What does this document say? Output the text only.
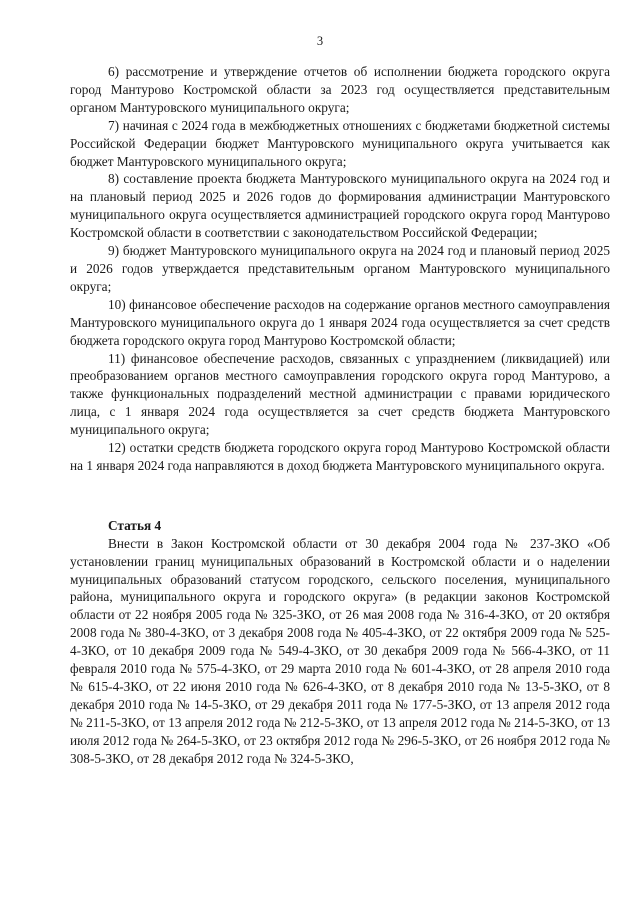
3

6) рассмотрение и утверждение отчетов об исполнении бюджета городского округа город Мантурово Костромской области за 2023 год осуществляется представительным органом Мантуровского муниципального округа;

7) начиная с 2024 года в межбюджетных отношениях с бюджетами бюджетной системы Российской Федерации бюджет Мантуровского муниципального округа учитывается как бюджет Мантуровского муниципального округа;

8) составление проекта бюджета Мантуровского муниципального округа на 2024 год и на плановый период 2025 и 2026 годов до формирования администрации Мантуровского муниципального округа осуществляется администрацией городского округа город Мантурово Костромской области в соответствии с законодательством Российской Федерации;

9) бюджет Мантуровского муниципального округа на 2024 год и плановый период 2025 и 2026 годов утверждается представительным органом Мантуровского муниципального округа;

10) финансовое обеспечение расходов на содержание органов местного самоуправления Мантуровского муниципального округа до 1 января 2024 года осуществляется за счет средств бюджета городского округа город Мантурово Костромской области;

11) финансовое обеспечение расходов, связанных с упразднением (ликвидацией) или преобразованием органов местного самоуправления городского округа город Мантурово, а также функциональных подразделений местной администрации с правами юридического лица, с 1 января 2024 года осуществляется за счет средств бюджета Мантуровского муниципального округа;

12) остатки средств бюджета городского округа город Мантурово Костромской области на 1 января 2024 года направляются в доход бюджета Мантуровского муниципального округа.

Статья 4

Внести в Закон Костромской области от 30 декабря 2004 года № 237-ЗКО «Об установлении границ муниципальных образований в Костромской области и о наделении муниципальных образований статусом городского, сельского поселения, муниципального района, муниципального округа и городского округа» (в редакции законов Костромской области от 22 ноября 2005 года № 325-ЗКО, от 26 мая 2008 года № 316-4-ЗКО, от 20 октября 2008 года № 380-4-ЗКО, от 3 декабря 2008 года № 405-4-ЗКО, от 22 октября 2009 года № 525-4-ЗКО, от 10 декабря 2009 года № 549-4-ЗКО, от 30 декабря 2009 года № 566-4-ЗКО, от 11 февраля 2010 года № 575-4-ЗКО, от 29 марта 2010 года № 601-4-ЗКО, от 28 апреля 2010 года № 615-4-ЗКО, от 22 июня 2010 года № 626-4-ЗКО, от 8 декабря 2010 года № 13-5-ЗКО, от 8 декабря 2010 года № 14-5-ЗКО, от 29 декабря 2011 года № 177-5-ЗКО, от 13 апреля 2012 года № 211-5-ЗКО, от 13 апреля 2012 года № 212-5-ЗКО, от 13 апреля 2012 года № 214-5-ЗКО, от 13 июля 2012 года № 264-5-ЗКО, от 23 октября 2012 года № 296-5-ЗКО, от 26 ноября 2012 года № 308-5-ЗКО, от 28 декабря 2012 года № 324-5-ЗКО,
